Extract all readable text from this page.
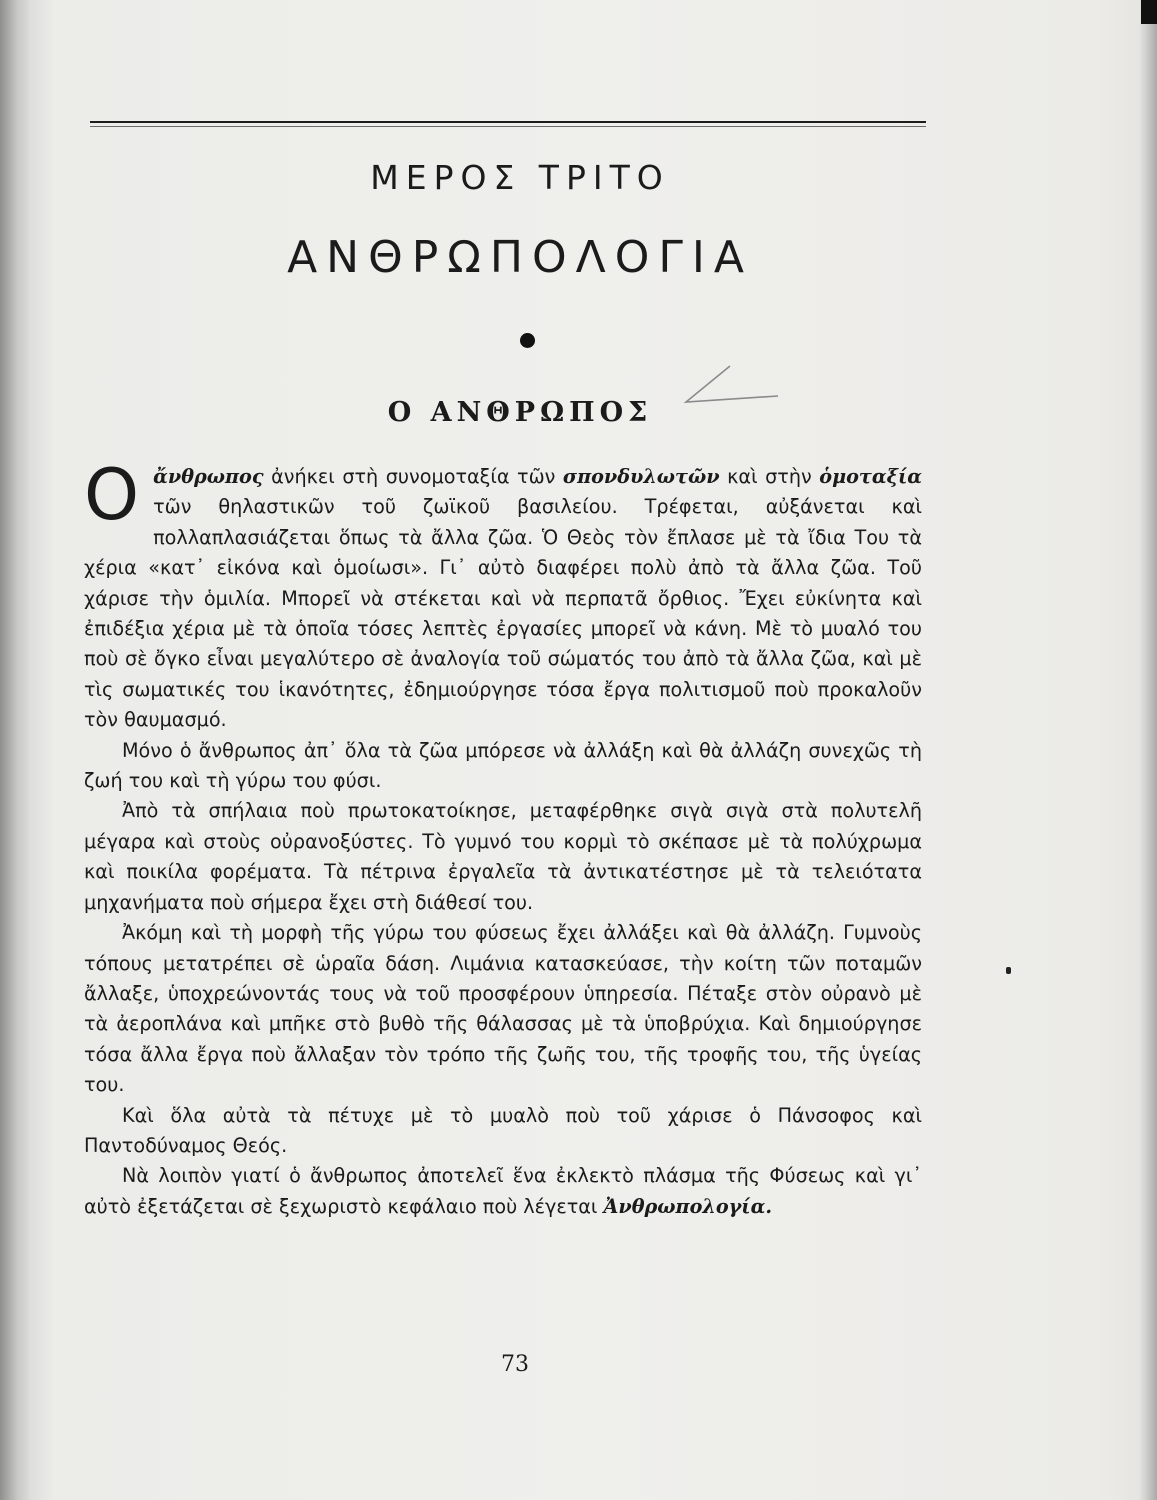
ΜΕΡΟΣ ΤΡΙΤΟ
ΑΝΘΡΩΠΟΛΟΓΙΑ
Ο ΑΝΘΡΩΠΟΣ

Οἄνθρωπος ἀνήκει στὴ συνομοταξία τῶν σπονδυλωτῶν καὶ στὴν ὁμοταξία τῶν θηλαστικῶν τοῦ ζωϊκοῦ βασιλείου. Τρέφεται, αὐξάνεται καὶ πολλαπλασιάζεται ὅπως τὰ ἄλλα ζῶα. Ὁ Θεὸς τὸν ἔπλασε μὲ τὰ ἴδια Του τὰ χέρια «κατ᾽ εἰκόνα καὶ ὁμοίωσι». Γι᾽ αὐτὸ διαφέρει πολὺ ἀπὸ τὰ ἄλλα ζῶα. Τοῦ χάρισε τὴν ὁμιλία. Μπορεῖ νὰ στέκεται καὶ νὰ περπατᾶ ὄρθιος. Ἔχει εὐκίνητα καὶ ἐπιδέξια χέρια μὲ τὰ ὁποῖα τόσες λεπτὲς ἐργασίες μπορεῖ νὰ κάνη. Μὲ τὸ μυαλό του ποὺ σὲ ὄγκο εἶναι μεγαλύτερο σὲ ἀναλογία τοῦ σώματός του ἀπὸ τὰ ἄλλα ζῶα, καὶ μὲ τὶς σωματικές του ἱκανότητες, ἐδημιούργησε τόσα ἔργα πολιτισμοῦ ποὺ προκαλοῦν τὸν θαυμασμό.

Μόνο ὁ ἄνθρωπος ἀπ᾽ ὅλα τὰ ζῶα μπόρεσε νὰ ἀλλάξη καὶ θὰ ἀλλάζη συνεχῶς τὴ ζωή του καὶ τὴ γύρω του φύσι.

Ἀπὸ τὰ σπήλαια ποὺ πρωτοκατοίκησε, μεταφέρθηκε σιγὰ σιγὰ στὰ πολυτελῆ μέγαρα καὶ στοὺς οὐρανοξύστες. Τὸ γυμνό του κορμὶ τὸ σκέπασε μὲ τὰ πολύχρωμα καὶ ποικίλα φορέματα. Τὰ πέτρινα ἐργαλεῖα τὰ ἀντικατέστησε μὲ τὰ τελειότατα μηχανήματα ποὺ σήμερα ἔχει στὴ διάθεσί του.

Ἀκόμη καὶ τὴ μορφὴ τῆς γύρω του φύσεως ἔχει ἀλλάξει καὶ θὰ ἀλλάζη. Γυμνοὺς τόπους μετατρέπει σὲ ὡραῖα δάση. Λιμάνια κατασκεύασε, τὴν κοίτη τῶν ποταμῶν ἄλλαξε, ὑποχρεώνοντάς τους νὰ τοῦ προσφέρουν ὑπηρεσία. Πέταξε στὸν οὐρανὸ μὲ τὰ ἀεροπλάνα καὶ μπῆκε στὸ βυθὸ τῆς θάλασσας μὲ τὰ ὑποβρύχια. Καὶ δημιούργησε τόσα ἄλλα ἔργα ποὺ ἄλλαξαν τὸν τρόπο τῆς ζωῆς του, τῆς τροφῆς του, τῆς ὑγείας του.

Καὶ ὅλα αὐτὰ τὰ πέτυχε μὲ τὸ μυαλὸ ποὺ τοῦ χάρισε ὁ Πάνσοφος καὶ Παντοδύναμος Θεός.

Νὰ λοιπὸν γιατί ὁ ἄνθρωπος ἀποτελεῖ ἕνα ἐκλεκτὸ πλάσμα τῆς Φύσεως καὶ γι᾽ αὐτὸ ἐξετάζεται σὲ ξεχωριστὸ κεφάλαιο ποὺ λέγεται Ἀνθρωπολογία.

73
